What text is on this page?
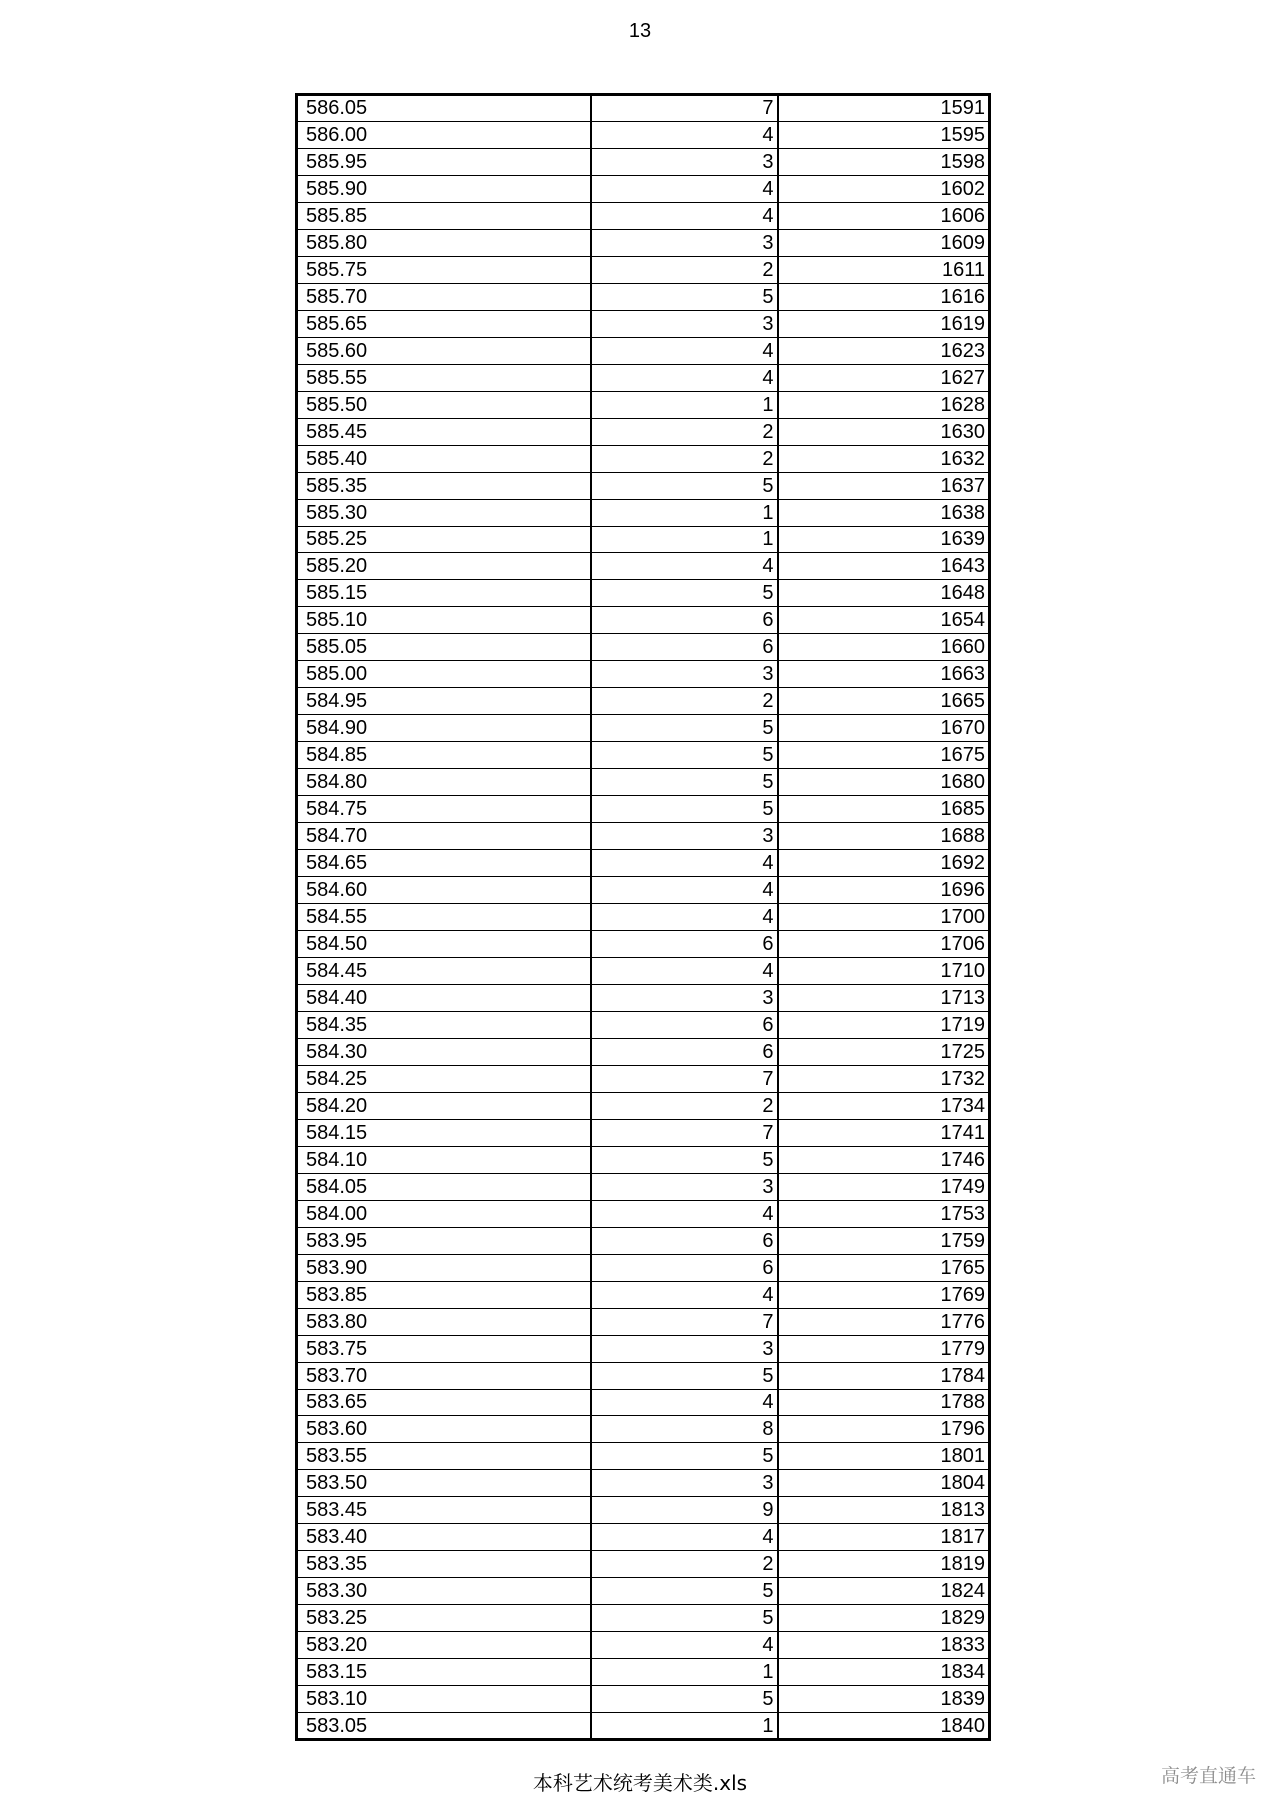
13
586.05	7	1591
586.00	4	1595
585.95	3	1598
585.90	4	1602
585.85	4	1606
585.80	3	1609
585.75	2	1611
585.70	5	1616
585.65	3	1619
585.60	4	1623
585.55	4	1627
585.50	1	1628
585.45	2	1630
585.40	2	1632
585.35	5	1637
585.30	1	1638
585.25	1	1639
585.20	4	1643
585.15	5	1648
585.10	6	1654
585.05	6	1660
585.00	3	1663
584.95	2	1665
584.90	5	1670
584.85	5	1675
584.80	5	1680
584.75	5	1685
584.70	3	1688
584.65	4	1692
584.60	4	1696
584.55	4	1700
584.50	6	1706
584.45	4	1710
584.40	3	1713
584.35	6	1719
584.30	6	1725
584.25	7	1732
584.20	2	1734
584.15	7	1741
584.10	5	1746
584.05	3	1749
584.00	4	1753
583.95	6	1759
583.90	6	1765
583.85	4	1769
583.80	7	1776
583.75	3	1779
583.70	5	1784
583.65	4	1788
583.60	8	1796
583.55	5	1801
583.50	3	1804
583.45	9	1813
583.40	4	1817
583.35	2	1819
583.30	5	1824
583.25	5	1829
583.20	4	1833
583.15	1	1834
583.10	5	1839
583.05	1	1840
本科艺术统考美术类.xls	高考直通车
